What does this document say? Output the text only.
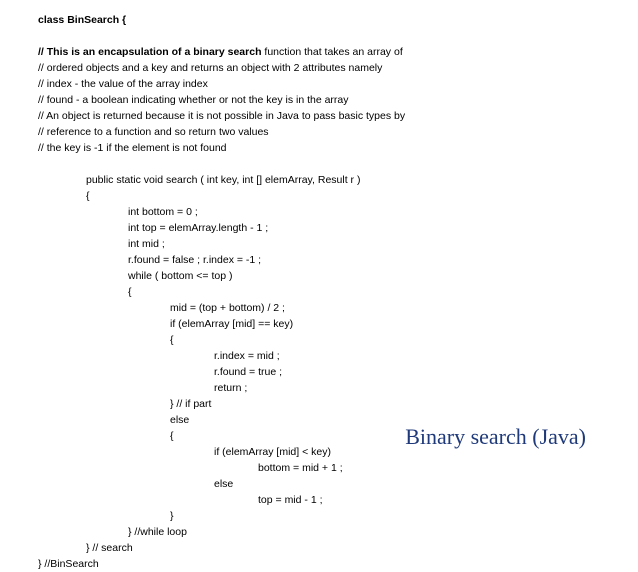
class BinSearch {
// This is an encapsulation of a binary search function that takes an array of
// ordered objects and a key and returns an object with 2 attributes namely
// index - the value of the array index
// found - a boolean indicating whether or not the key is in the array
// An object is returned because it is not possible in Java to pass basic types by
// reference to a function and so return two values
// the key is -1 if the element is not found
public static void search ( int key, int [] elemArray, Result r )
{
int bottom = 0 ;
int top = elemArray.length - 1 ;
int mid ;
r.found = false ; r.index = -1 ;
while ( bottom <= top )
{
mid = (top + bottom) / 2 ;
if (elemArray [mid] == key)
{
r.index = mid ;
r.found = true ;
return ;
} // if part
else
{
if (elemArray [mid] < key)
bottom = mid + 1 ;
else
top = mid - 1 ;
}
} //while loop
} // search
} //BinSearch
Binary search (Java)
